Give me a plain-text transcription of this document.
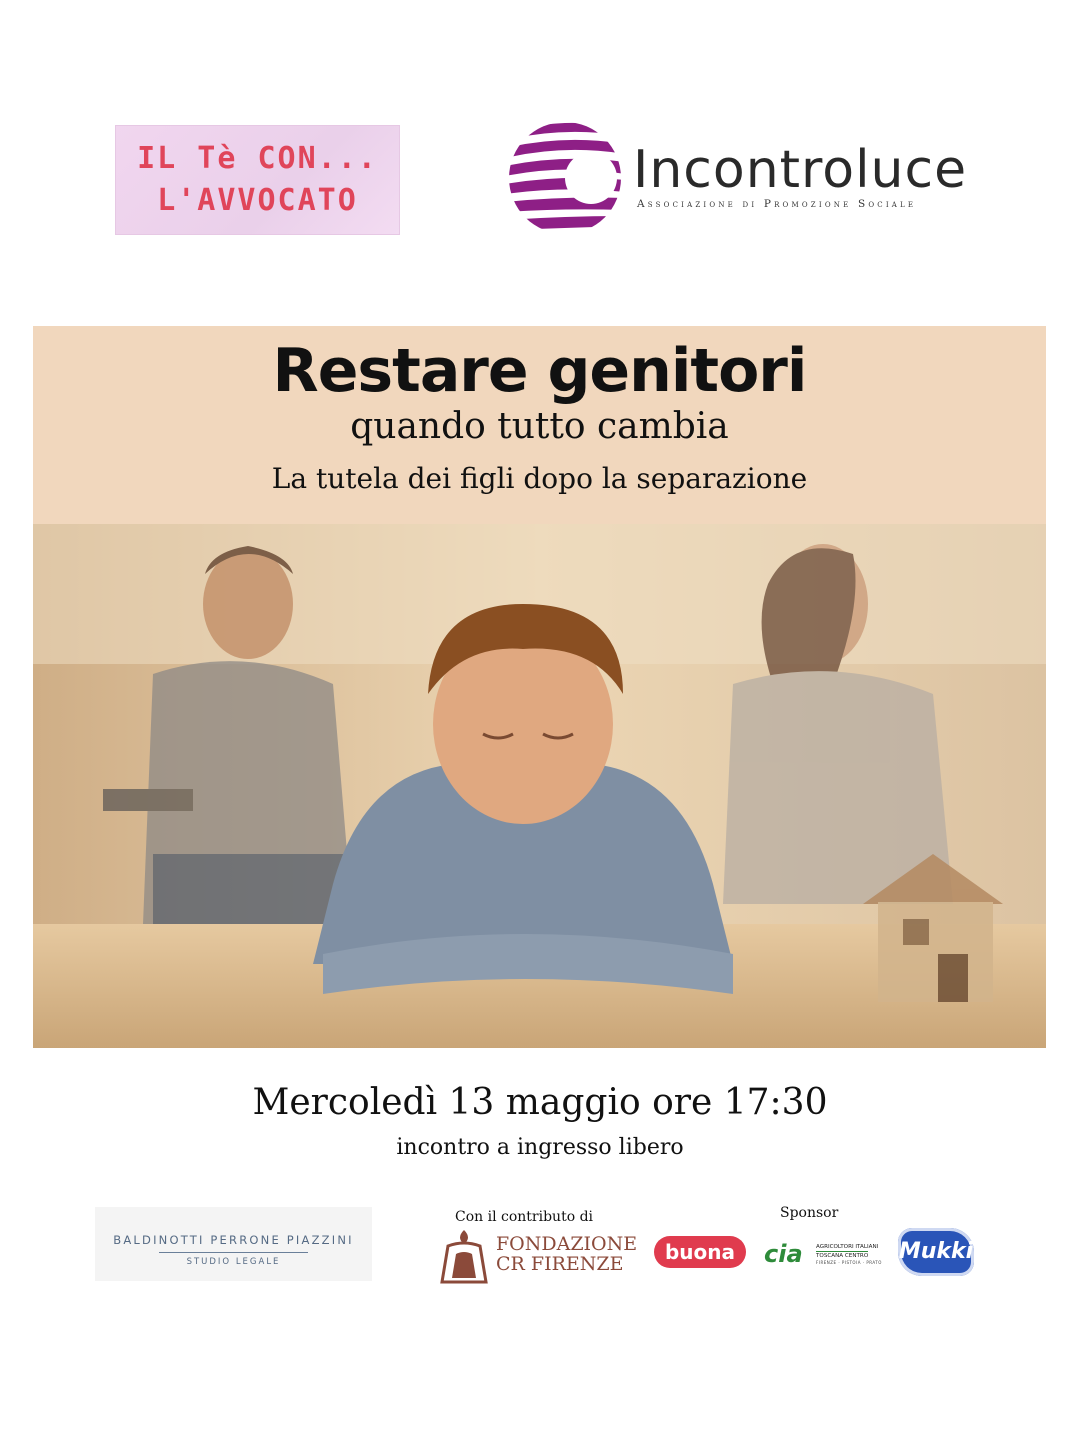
IL Tè CON...
L'AVVOCATO
Incontroluce
Associazione di Promozione Sociale
Restare genitori
quando tutto cambia
La tutela dei figli dopo la separazione
Mercoledì 13 maggio ore 17:30
incontro a ingresso libero
BALDINOTTI PERRONE PIAZZINI
STUDIO LEGALE
Con il contributo di
FONDAZIONE
CR FIRENZE
Sponsor
buona	cia AGRICOLTORI ITALIANI
TOSCANA CENTRO
FIRENZE · PISTOIA · PRATO Mukki
